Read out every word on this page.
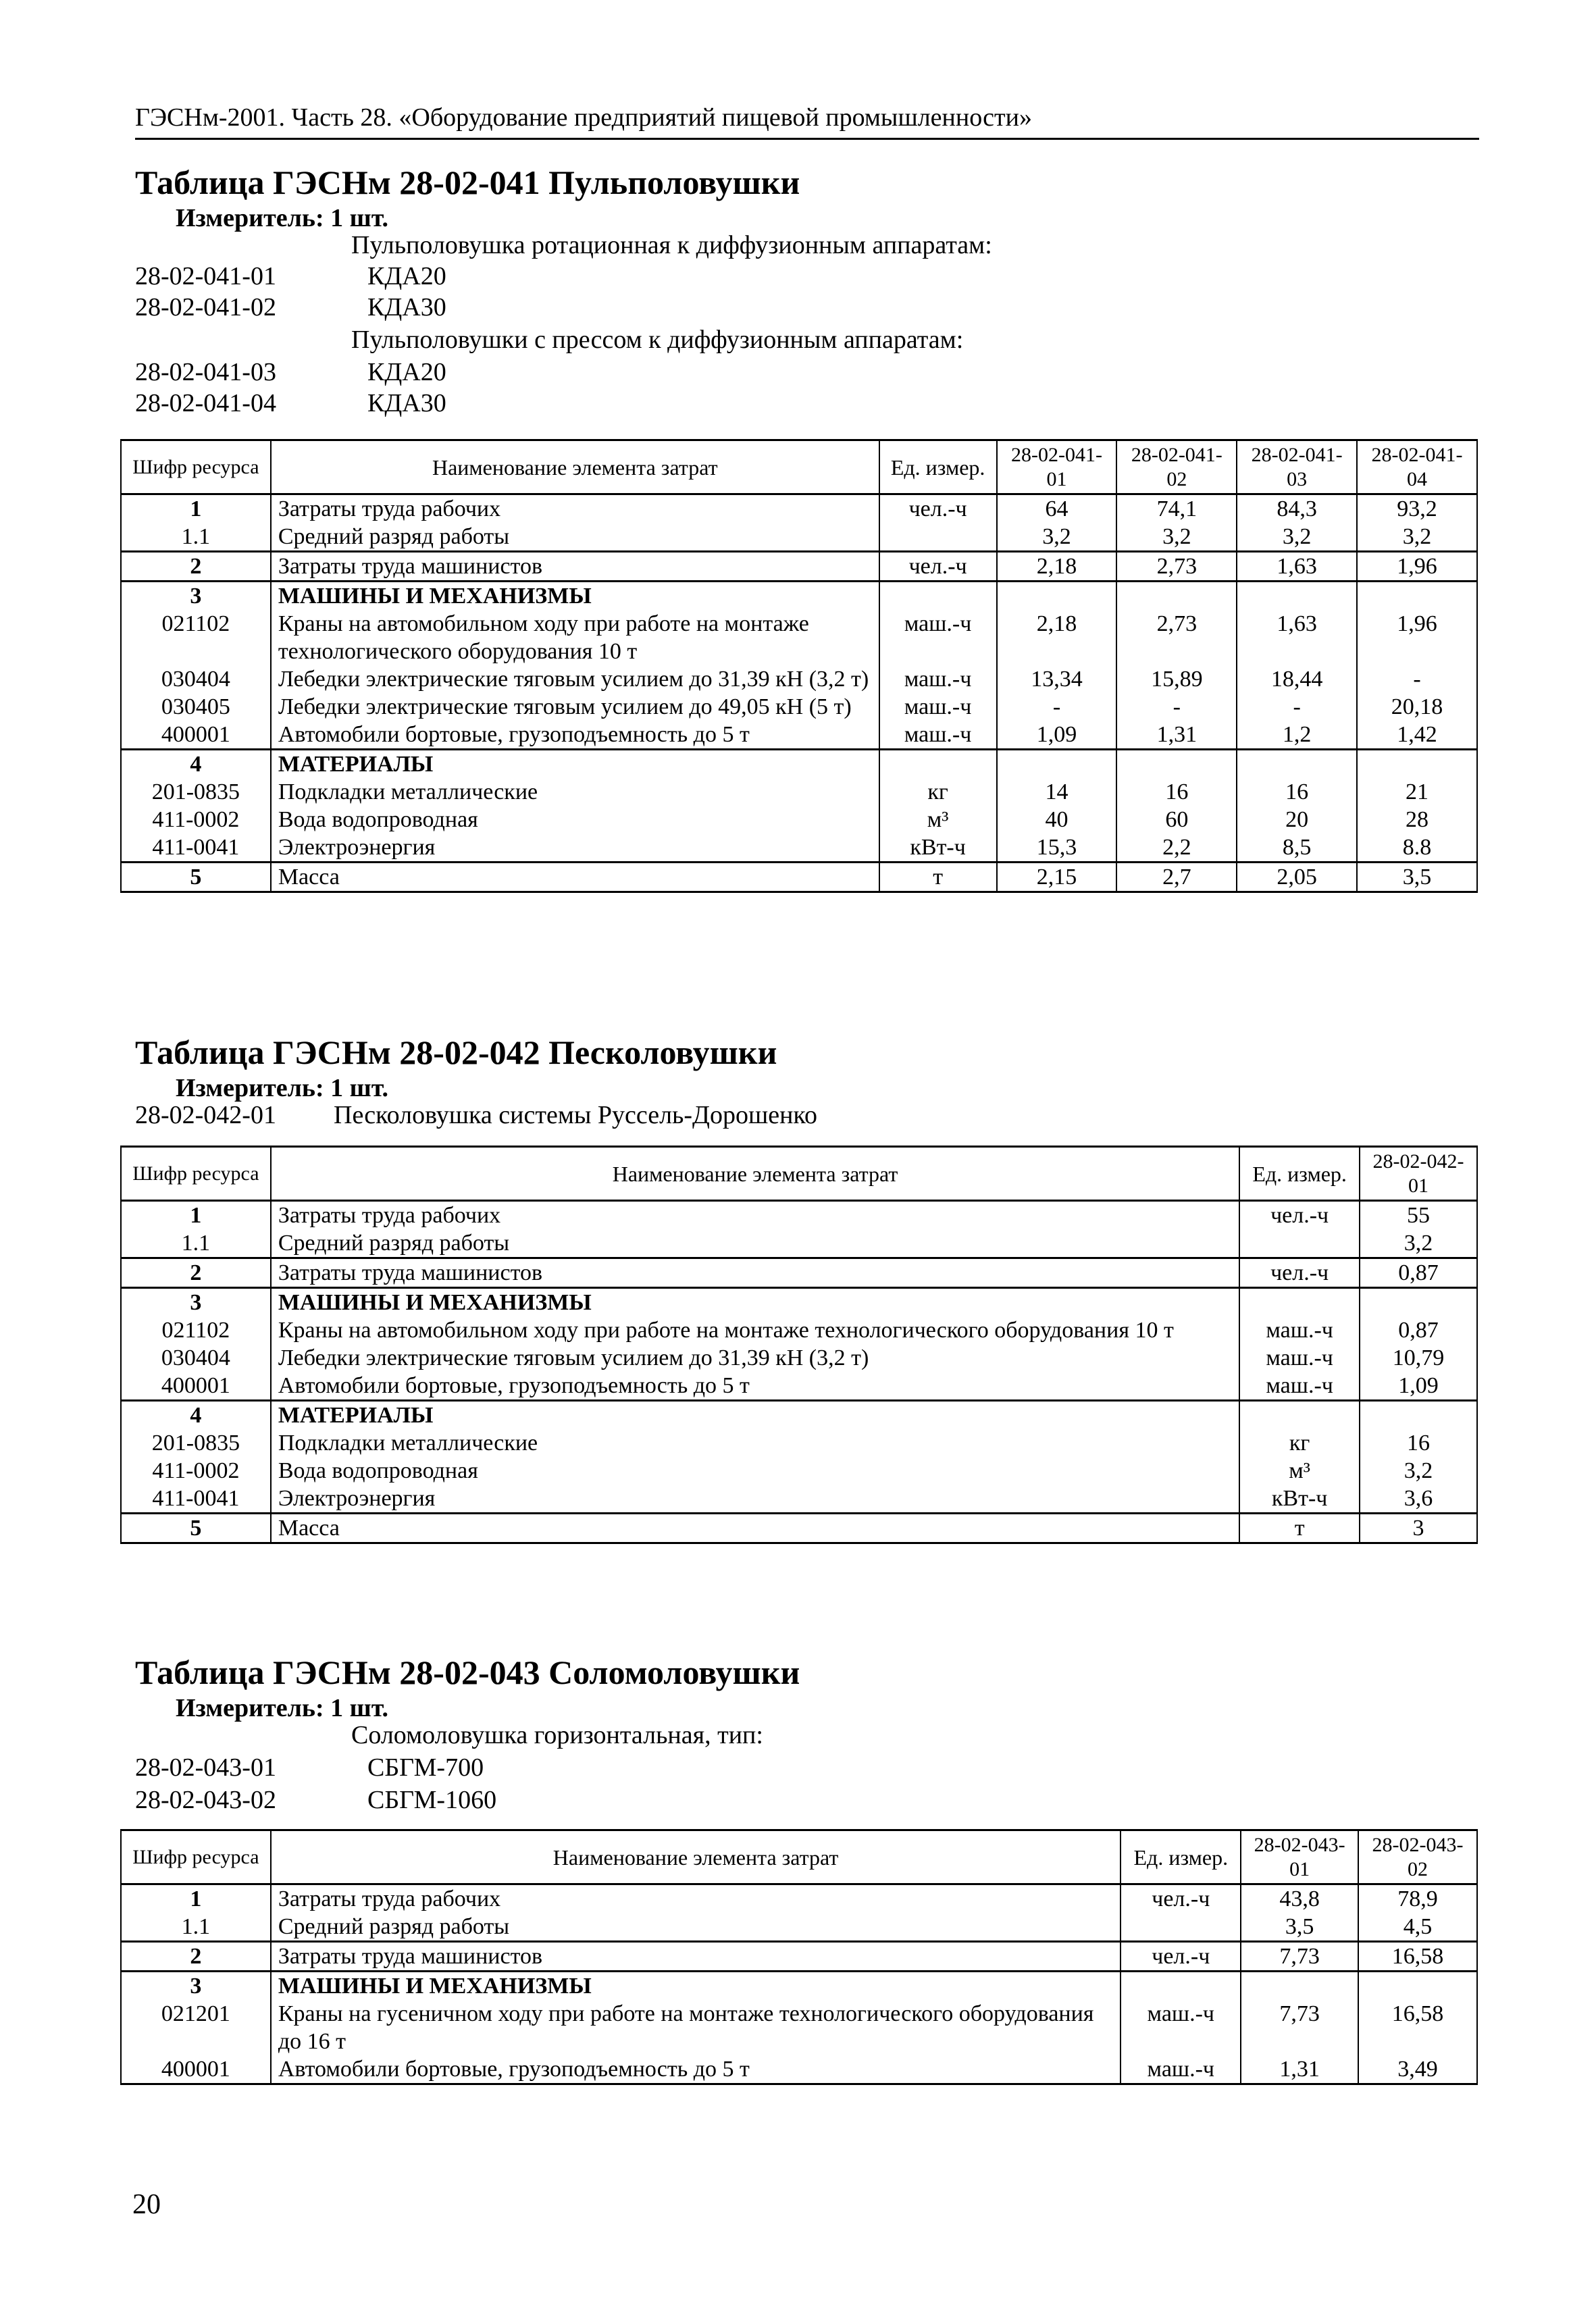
ГЭСНм-2001. Часть 28. «Оборудование предприятий пищевой промышленности»
Таблица ГЭСНм 28-02-041 Пульполовушки
Измеритель: 1 шт.
Пульполовушка ротационная к диффузионным аппаратам:
28-02-041-01	КДА20
28-02-041-02	КДА30
Пульполовушки с прессом к диффузионным аппаратам:
28-02-041-03	КДА20
28-02-041-04	КДА30
Шифр ресурса	Наименование элемента затрат	Ед. измер.	28-02-041-01	28-02-041-02	28-02-041-03	28-02-041-04
1	Затраты труда рабочих	чел.-ч	64	74,1	84,3	93,2
1.1	Средний разряд работы		3,2	3,2	3,2	3,2
2	Затраты труда машинистов	чел.-ч	2,18	2,73	1,63	1,96
3	МАШИНЫ И МЕХАНИЗМЫ					
021102	Краны на автомобильном ходу при работе на монтаже технологического оборудования 10 т	маш.-ч	2,18	2,73	1,63	1,96
030404	Лебедки электрические тяговым усилием до 31,39 кН (3,2 т)	маш.-ч	13,34	15,89	18,44	-
030405	Лебедки электрические тяговым усилием до 49,05 кН (5 т)	маш.-ч	-	-	-	20,18
400001	Автомобили бортовые, грузоподъемность до 5 т	маш.-ч	1,09	1,31	1,2	1,42
4	МАТЕРИАЛЫ					
201-0835	Подкладки металлические	кг	14	16	16	21
411-0002	Вода водопроводная	м³	40	60	20	28
411-0041	Электроэнергия	кВт-ч	15,3	2,2	8,5	8.8
5	Масса	т	2,15	2,7	2,05	3,5
Таблица ГЭСНм 28-02-042 Песколовушки
Измеритель: 1 шт.
28-02-042-01 Песколовушка системы Руссель-Дорошенко
Шифр ресурса	Наименование элемента затрат	Ед. измер.	28-02-042-01
1	Затраты труда рабочих	чел.-ч	55
1.1	Средний разряд работы		3,2
2	Затраты труда машинистов	чел.-ч	0,87
3	МАШИНЫ И МЕХАНИЗМЫ		
021102	Краны на автомобильном ходу при работе на монтаже технологического оборудования 10 т	маш.-ч	0,87
030404	Лебедки электрические тяговым усилием до 31,39 кН (3,2 т)	маш.-ч	10,79
400001	Автомобили бортовые, грузоподъемность до 5 т	маш.-ч	1,09
4	МАТЕРИАЛЫ		
201-0835	Подкладки металлические	кг	16
411-0002	Вода водопроводная	м³	3,2
411-0041	Электроэнергия	кВт-ч	3,6
5	Масса	т	3
Таблица ГЭСНм 28-02-043 Соломоловушки
Измеритель: 1 шт.
Соломоловушка горизонтальная, тип:
28-02-043-01	СБГМ-700
28-02-043-02	СБГМ-1060
Шифр ресурса	Наименование элемента затрат	Ед. измер.	28-02-043-01	28-02-043-02
1	Затраты труда рабочих	чел.-ч	43,8	78,9
1.1	Средний разряд работы		3,5	4,5
2	Затраты труда машинистов	чел.-ч	7,73	16,58
3	МАШИНЫ И МЕХАНИЗМЫ			
021201	Краны на гусеничном ходу при работе на монтаже технологического оборудования до 16 т	маш.-ч	7,73	16,58
400001	Автомобили бортовые, грузоподъемность до 5 т	маш.-ч	1,31	3,49
20
